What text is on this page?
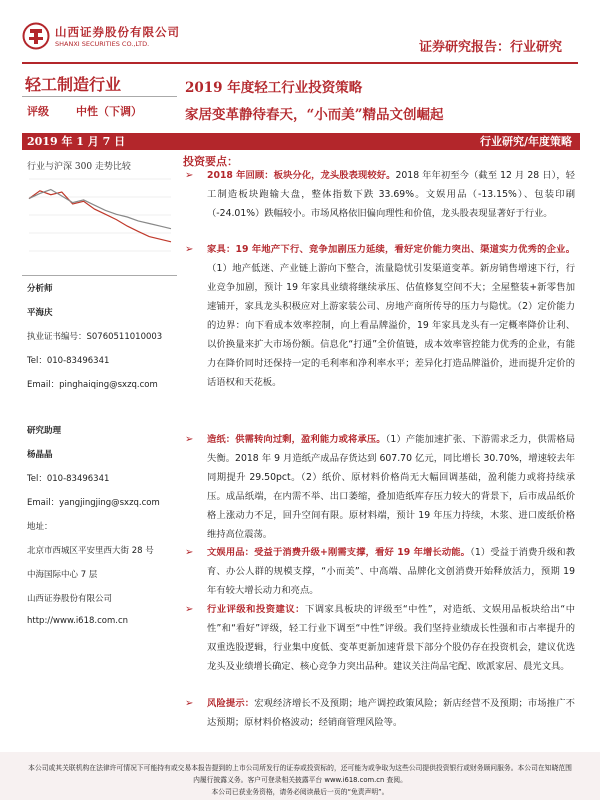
山西证券股份有限公司
SHANXI SECURITIES CO.,LTD.	证券研究报告：行业研究
轻工制造行业
评级 中性（下调）
2019 年 1 月 7 日
行业与沪深 300 走势比较
分析师
平海庆
执业证书编号：S0760511010003
Tel：010-83496341
Email：pinghaiqing@sxzq.com
研究助理
杨晶晶
Tel：010-83496341
Email：yangjingjing@sxzq.com
地址：
北京市西城区平安里西大街 28 号
中海国际中心 7 层
山西证券股份有限公司
http://www.i618.com.cn
2019 年度轻工行业投资策略
家居变革静待春天，“小而美”精品文创崛起
行业研究/年度策略
投资要点：
➢ 2018 年回顾：板块分化，龙头股表现较好。2018 年年初至今（截至 12 月 28 日），轻工制造板块跑输大盘，整体指数下跌 33.69%。文娱用品（-13.15%）、包装印刷（-24.01%）跌幅较小。市场风格依旧偏向理性和价值，龙头股表现显著好于行业。
➢ 家具：19 年地产下行、竞争加剧压力延续，看好定价能力突出、渠道实力优秀的企业。（1）地产低迷、产业链上游向下整合，流量隐忧引发渠道变革。新房销售增速下行，行业竞争加剧，预计 19 年家具业绩将继续承压、估值修复空间不大；全屋整装+新零售加速铺开，家具龙头积极应对上游家装公司、房地产商所传导的压力与隐忧。（2）定价能力的边界：向下看成本效率控制，向上看品牌溢价，19 年家具龙头有一定概率降价让利、以价换量来扩大市场份额。信息化“打通”全价值链，成本效率管控能力优秀的企业，有能力在降价同时还保持一定的毛利率和净利率水平；差异化打造品牌溢价，进而提升定价的话语权和天花板。
➢ 造纸：供需转向过剩，盈利能力或将承压。（1）产能加速扩张、下游需求乏力，供需格局失衡。2018 年 9 月造纸产成品存货达到 607.70 亿元，同比增长 30.70%，增速较去年同期提升 29.50pct。（2）纸价、原材料价格尚无大幅回调基础，盈利能力或将持续承压。成品纸端，在内需不举、出口萎缩，叠加造纸库存压力较大的背景下，后市成品纸价格上涨动力不足，回升空间有限。原材料端，预计 19 年压力持续，木浆、进口废纸价格维持高位震荡。
➢ 文娱用品：受益于消费升级+刚需支撑，看好 19 年增长动能。（1）受益于消费升级和教育、办公人群的规模支撑，“小而美”、中高端、品牌化文创消费开始释放活力，预期 19 年有较大增长动力和亮点。
➢ 行业评级和投资建议：下调家具板块的评级至“中性”，对造纸、文娱用品板块给出“中性”和“看好”评级，轻工行业下调至“中性”评级。我们坚持业绩成长性强和市占率提升的双重选股逻辑，行业集中度低、变革更新加速背景下部分个股仍存在投资机会，建议优选龙头及业绩增长确定、核心竞争力突出品种。建议关注尚品宅配、欧派家居、晨光文具。
➢ 风险提示：宏观经济增长不及预期；地产调控政策风险；新店经营不及预期；市场推广不达预期；原材料价格波动；经销商管理风险等。
本公司或其关联机构在法律许可情况下可能持有或交易本报告提到的上市公司所发行的证券或投资标的，还可能为或争取为这些公司提供投资银行或财务顾问服务。本公司在知晓范围内履行披露义务。客户可登录相关披露平台 www.i618.com.cn 查阅。
本公司已获业务资格，请务必阅读最后一页的“免责声明”。
